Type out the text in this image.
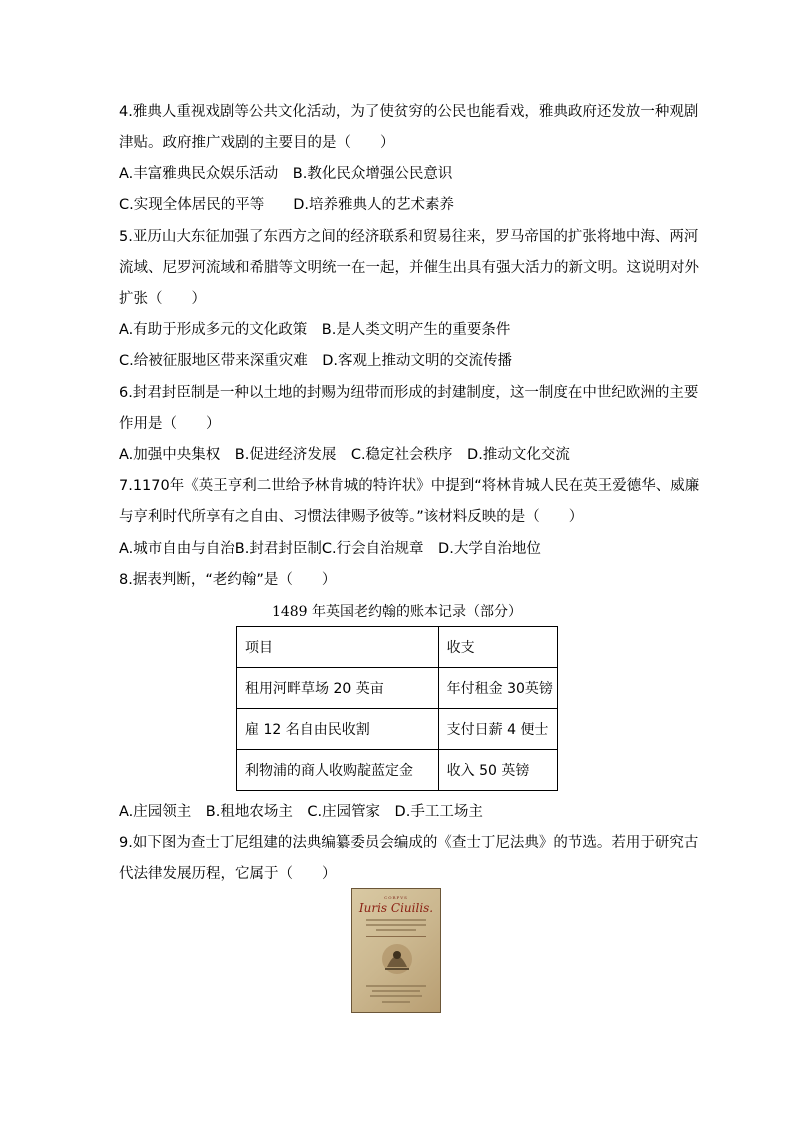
4.雅典人重视戏剧等公共文化活动，为了使贫穷的公民也能看戏，雅典政府还发放一种观剧
津贴。政府推广戏剧的主要目的是（　　）
A.丰富雅典民众娱乐活动　B.教化民众增强公民意识
C.实现全体居民的平等　　D.培养雅典人的艺术素养
5.亚历山大东征加强了东西方之间的经济联系和贸易往来，罗马帝国的扩张将地中海、两河
流域、尼罗河流域和希腊等文明统一在一起，并催生出具有强大活力的新文明。这说明对外
扩张（　　）
A.有助于形成多元的文化政策　B.是人类文明产生的重要条件
C.给被征服地区带来深重灾难　D.客观上推动文明的交流传播
6.封君封臣制是一种以土地的封赐为纽带而形成的封建制度，这一制度在中世纪欧洲的主要
作用是（　　）
A.加强中央集权　B.促进经济发展　C.稳定社会秩序　D.推动文化交流
7.1170年《英王亨利二世给予林肯城的特许状》中提到“将林肯城人民在英王爱德华、威廉
与亨利时代所享有之自由、习惯法律赐予彼等。”该材料反映的是（　　）
A.城市自由与自治B.封君封臣制C.行会自治规章　D.大学自治地位
8.据表判断，“老约翰”是（　　）
1489 年英国老约翰的账本记录（部分）
项目	收支
租用河畔草场 20 英亩	年付租金 30英镑
雇 12 名自由民收割	支付日薪 4 便士
利物浦的商人收购靛蓝定金	收入 50 英镑
A.庄园领主　B.租地农场主　C.庄园管家　D.手工工场主
9.如下图为查士丁尼组建的法典编纂委员会编成的《查士丁尼法典》的节选。若用于研究古
代法律发展历程，它属于（　　）
CORPVS
Iuris Ciuilis.
